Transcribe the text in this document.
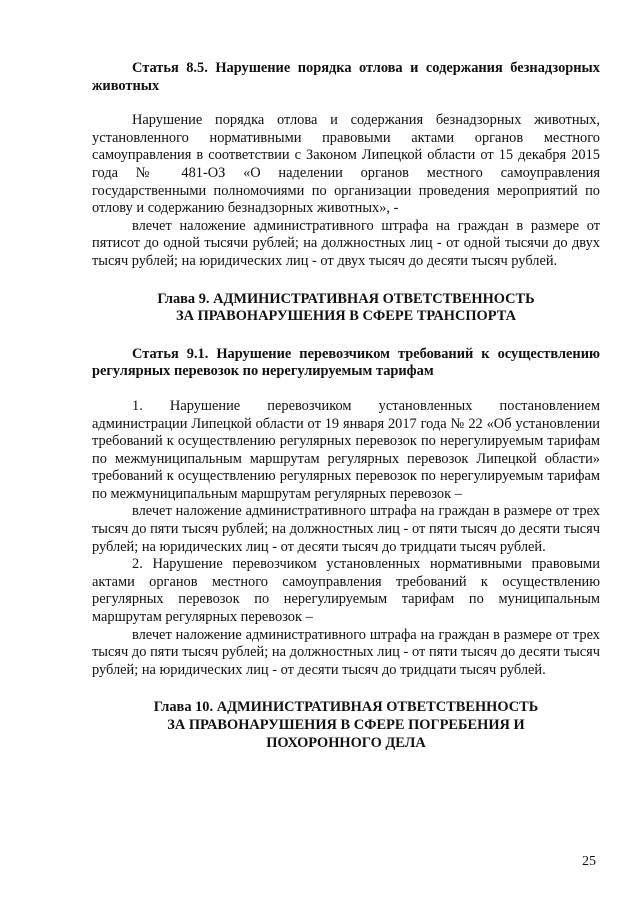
Статья 8.5. Нарушение порядка отлова и содержания безнадзорных животных

Нарушение порядка отлова и содержания безнадзорных животных, установленного нормативными правовыми актами органов местного самоуправления в соответствии с Законом Липецкой области от 15 декабря 2015 года № 481-ОЗ «О наделении органов местного самоуправления государственными полномочиями по организации проведения мероприятий по отлову и содержанию безнадзорных животных», -

влечет наложение административного штрафа на граждан в размере от пятисот до одной тысячи рублей; на должностных лиц - от одной тысячи до двух тысяч рублей; на юридических лиц - от двух тысяч до десяти тысяч рублей.

Глава 9. АДМИНИСТРАТИВНАЯ ОТВЕТСТВЕННОСТЬ

ЗА ПРАВОНАРУШЕНИЯ В СФЕРЕ ТРАНСПОРТА

Статья 9.1. Нарушение перевозчиком требований к осуществлению регулярных перевозок по нерегулируемым тарифам

1. Нарушение перевозчиком установленных постановлением администрации Липецкой области от 19 января 2017 года № 22 «Об установлении требований к осуществлению регулярных перевозок по нерегулируемым тарифам по межмуниципальным маршрутам регулярных перевозок Липецкой области» требований к осуществлению регулярных перевозок по нерегулируемым тарифам по межмуниципальным маршрутам регулярных перевозок –

влечет наложение административного штрафа на граждан в размере от трех тысяч до пяти тысяч рублей; на должностных лиц - от пяти тысяч до десяти тысяч рублей; на юридических лиц - от десяти тысяч до тридцати тысяч рублей.

2. Нарушение перевозчиком установленных нормативными правовыми актами органов местного самоуправления требований к осуществлению регулярных перевозок по нерегулируемым тарифам по муниципальным маршрутам регулярных перевозок –

влечет наложение административного штрафа на граждан в размере от трех тысяч до пяти тысяч рублей; на должностных лиц - от пяти тысяч до десяти тысяч рублей; на юридических лиц - от десяти тысяч до тридцати тысяч рублей.

Глава 10. АДМИНИСТРАТИВНАЯ ОТВЕТСТВЕННОСТЬ

ЗА ПРАВОНАРУШЕНИЯ В СФЕРЕ ПОГРЕБЕНИЯ И

ПОХОРОННОГО ДЕЛА

25
